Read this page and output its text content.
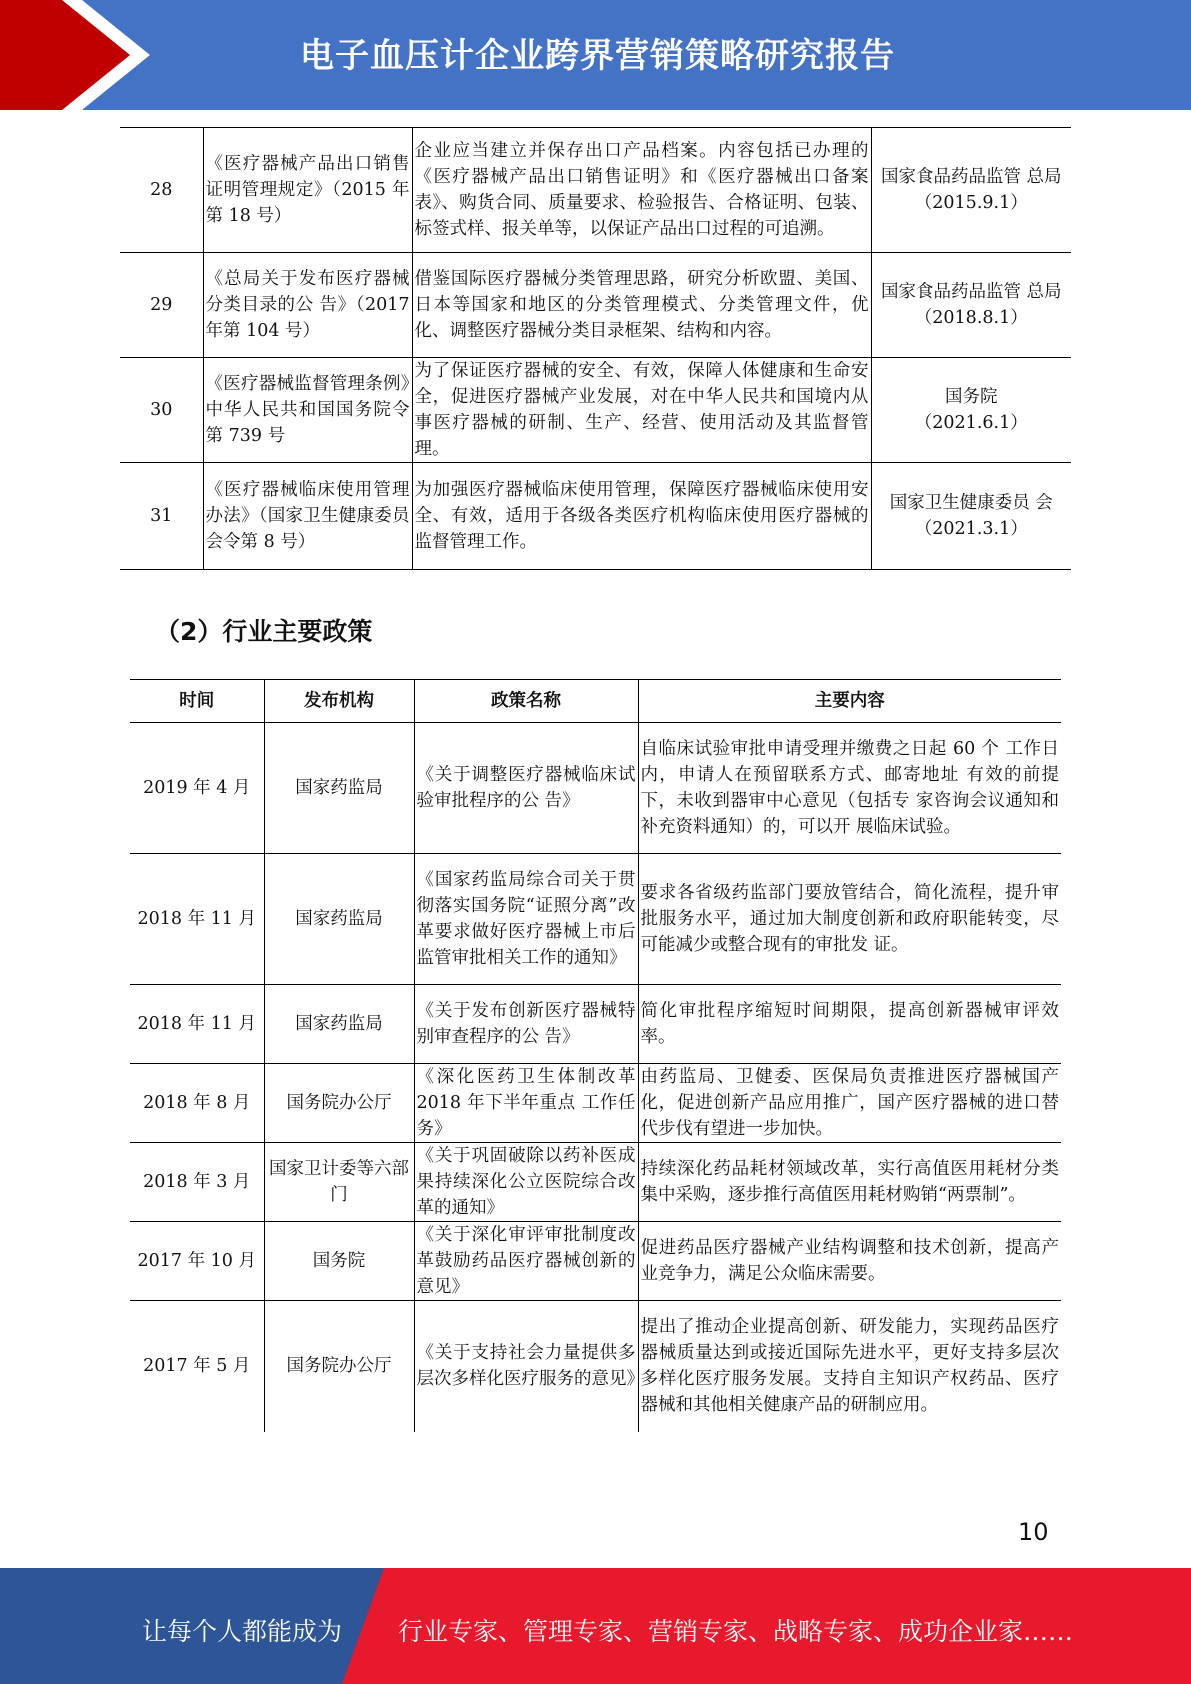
电子血压计企业跨界营销策略研究报告
28	《医疗器械产品出口销售证明管理规定》（2015 年第 18 号）	企业应当建立并保存出口产品档案。内容包括已办理的《医疗器械产品出口销售证明》和《医疗器械出口备案表》、购货合同、质量要求、检验报告、合格证明、包装、标签式样、报关单等，以保证产品出口过程的可追溯。	国家食品药品监管 总局
（2015.9.1）
29	《总局关于发布医疗器械分类目录的公 告》（2017 年第 104 号）	借鉴国际医疗器械分类管理思路，研究分析欧盟、美国、日本等国家和地区的分类管理模式、分类管理文件，优化、调整医疗器械分类目录框架、结构和内容。	国家食品药品监管 总局
（2018.8.1）
30	《医疗器械监督管理条例》中华人民共和国国务院令第 739 号	为了保证医疗器械的安全、有效，保障人体健康和生命安全，促进医疗器械产业发展，对在中华人民共和国境内从事医疗器械的研制、生产、经营、使用活动及其监督管理。	国务院
（2021.6.1）
31	《医疗器械临床使用管理办法》（国家卫生健康委员会令第 8 号）	为加强医疗器械临床使用管理，保障医疗器械临床使用安全、有效，适用于各级各类医疗机构临床使用医疗器械的监督管理工作。	国家卫生健康委员 会
（2021.3.1）
（2）行业主要政策
时间	发布机构	政策名称	主要内容
2019 年 4 月	国家药监局	《关于调整医疗器械临床试验审批程序的公 告》	自临床试验审批申请受理并缴费之日起 60 个 工作日内，申请人在预留联系方式、邮寄地址 有效的前提下，未收到器审中心意见（包括专 家咨询会议通知和补充资料通知）的，可以开 展临床试验。
2018 年 11 月	国家药监局	《国家药监局综合司关于贯彻落实国务院“证照分离”改革要求做好医疗器械上市后监管审批相关工作的通知》	要求各省级药监部门要放管结合，简化流程，提升审批服务水平，通过加大制度创新和政府职能转变，尽可能减少或整合现有的审批发 证。
2018 年 11 月	国家药监局	《关于发布创新医疗器械特别审查程序的公 告》	简化审批程序缩短时间期限，提高创新器械审评效率。
2018 年 8 月	国务院办公厅	《深化医药卫生体制改革 2018 年下半年重点 工作任务》	由药监局、卫健委、医保局负责推进医疗器械国产化，促进创新产品应用推广，国产医疗器械的进口替代步伐有望进一步加快。
2018 年 3 月	国家卫计委等六部门	《关于巩固破除以药补医成果持续深化公立医院综合改革的通知》	持续深化药品耗材领域改革，实行高值医用耗材分类集中采购，逐步推行高值医用耗材购销“两票制”。
2017 年 10 月	国务院	《关于深化审评审批制度改革鼓励药品医疗器械创新的意见》	促进药品医疗器械产业结构调整和技术创新，提高产业竞争力，满足公众临床需要。
2017 年 5 月	国务院办公厅	《关于支持社会力量提供多层次多样化医疗服务的意见》	提出了推动企业提高创新、研发能力，实现药品医疗器械质量达到或接近国际先进水平，更好支持多层次多样化医疗服务发展。支持自主知识产权药品、医疗器械和其他相关健康产品的研制应用。
10
让每个人都能成为 行业专家、管理专家、营销专家、战略专家、成功企业家……
